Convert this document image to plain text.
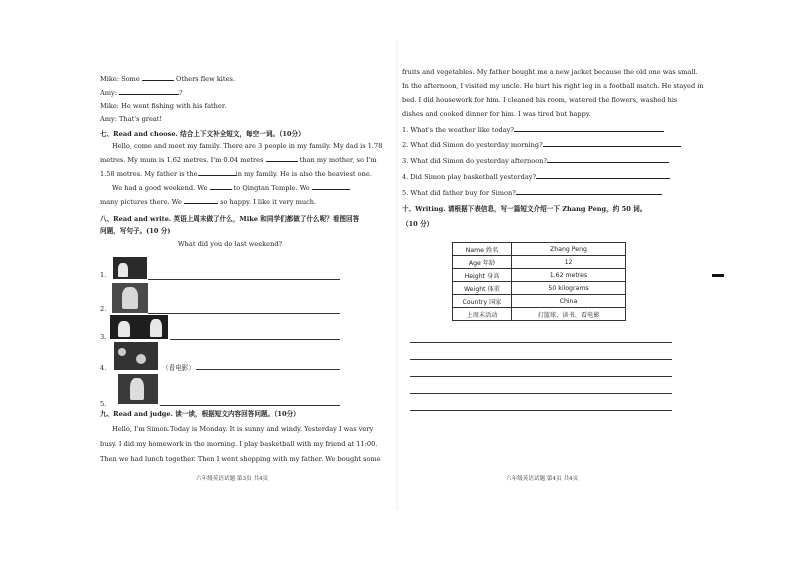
Mike: Some	Others flew kites.
Amy:	?
Mike: He went fishing with his father.
Amy: That's great!
七、Read and choose. 结合上下文补全短文，每空一词。（10分）
Hello, come and meet my family. There are 3 people in my family. My dad is 1.78
metres. My mum is 1.62 metres. I'm 0.04 metres	than my mother, so I'm
1.58 metres. My father is the	in my family. He is also the heaviest one.
We had a good weekend. We	to Qingtan Temple. We
many pictures there. We	so happy. I like it very much.
八、Read and write. 英语上周末做了什么，Mike 和同学们都做了什么呢？看图回答
问题，写句子。(10 分)
What did you do last weekend?
1.
2.
3.
4.	（看电影）
5.
九、Read and judge. 读一读，根据短文内容回答问题。（10分）
Hello, I'm Simon.Today is Monday. It is sunny and windy. Yesterday I was very
busy. I did my homework in the morning. I play basketball with my friend at 11:00.
Then we had lunch together. Then I went shopping with my father. We bought some
六年级英语试题 第3页 共4页
fruits and vegetables. My father bought me a new jacket because the old one was small.
In the afternoon, I visited my uncle. He hurt his right leg in a football match. He stayed in
bed. I did housework for him. I cleaned his room, watered the flowers, washed his
dishes and cooked dinner for him. I was tired but happy.
1. What's the weather like today?
2. What did Simon do yesterday morning?
3. What did Simon do yesterday afternoon?
4. Did Simon play basketball yesterday?
5. What did father buy for Simon?
十、Writing. 请根据下表信息，写一篇短文介绍一下 Zhang Peng，约 50 词。
（10 分）
Name 姓名	Zhang Peng
Age 年龄	12
Height 身高	1.62 metres
Weight 体重	50 kilograms
Country 国家	China
上周末活动	打篮球、读书、看电影
六年级英语试题 第4页 共4页
